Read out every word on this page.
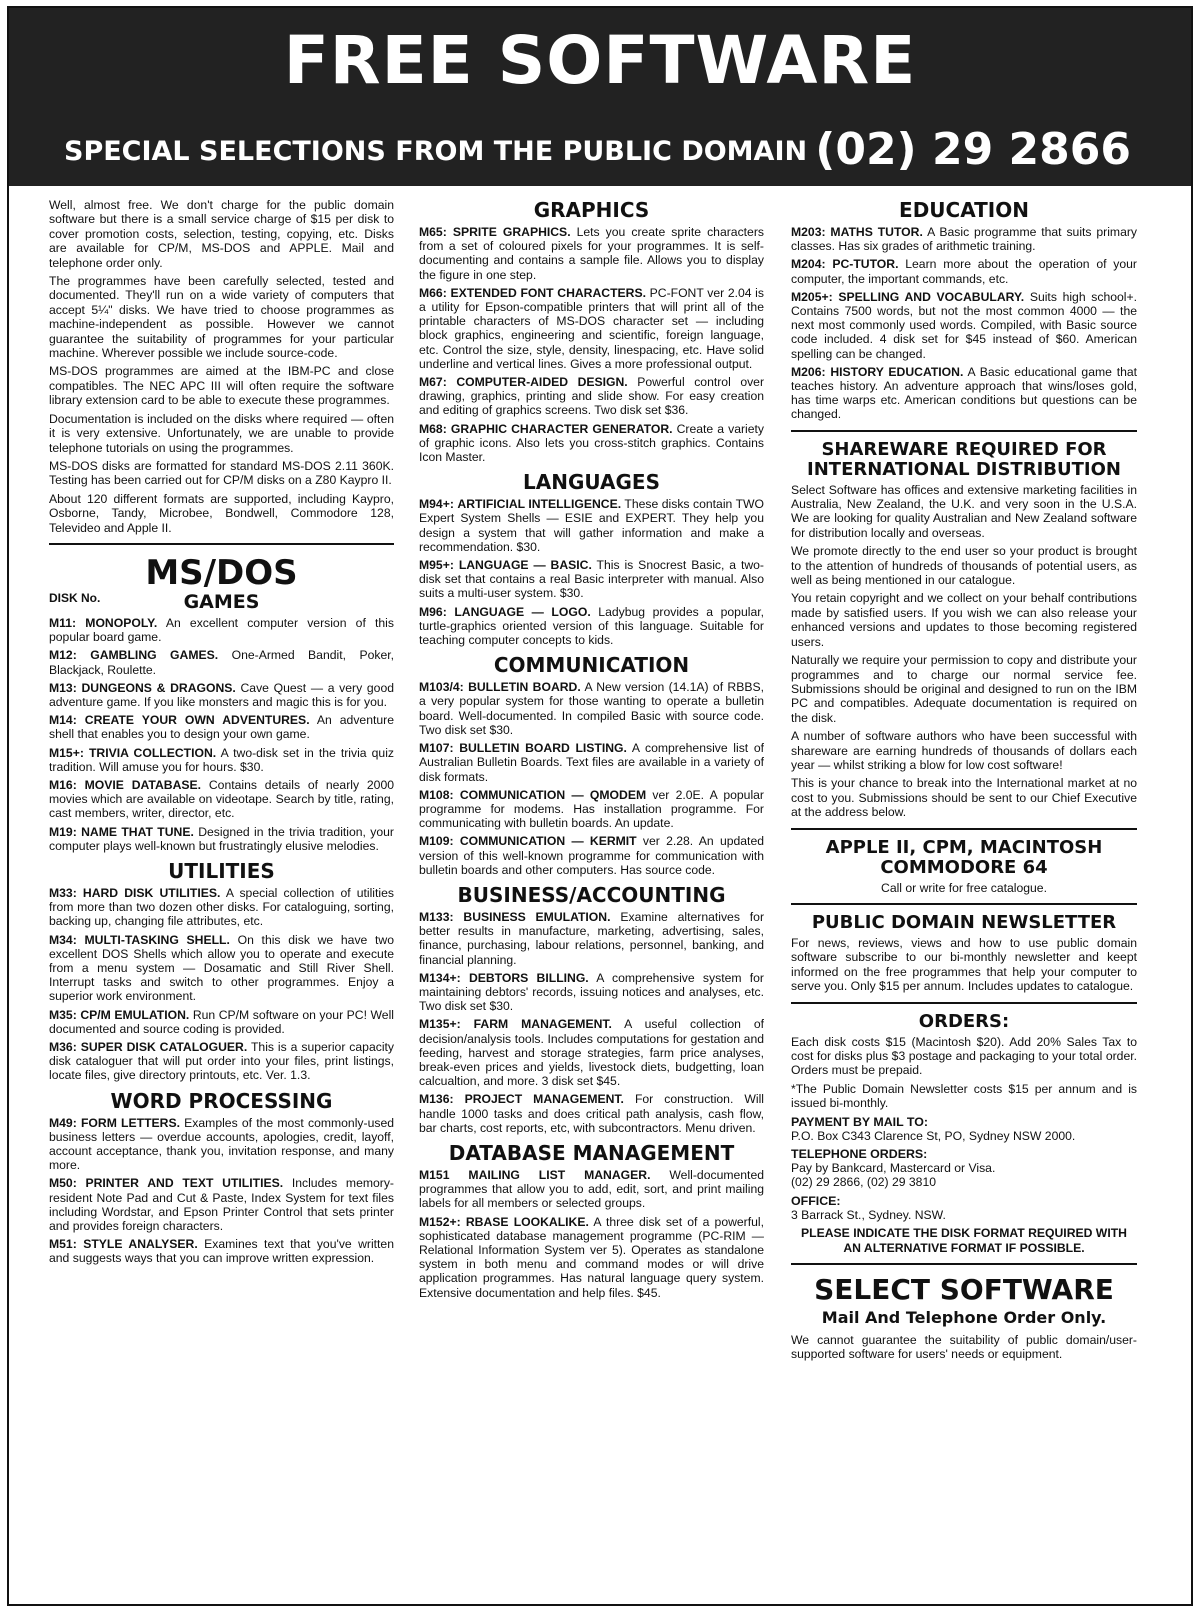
FREE SOFTWARE
SPECIAL SELECTIONS FROM THE PUBLIC DOMAIN (02) 29 2866

Well, almost free. We don't charge for the public domain software but there is a small service charge of $15 per disk to cover promotion costs, selection, testing, copying, etc. Disks are available for CP/M, MS-DOS and APPLE. Mail and telephone order only.

The programmes have been carefully selected, tested and documented. They'll run on a wide variety of computers that accept 5¼" disks. We have tried to choose programmes as machine-independent as possible. However we cannot guarantee the suitability of programmes for your particular machine. Wherever possible we include source-code.

MS-DOS programmes are aimed at the IBM-PC and close compatibles. The NEC APC III will often require the software library extension card to be able to execute these programmes.

Documentation is included on the disks where required — often it is very extensive. Unfortunately, we are unable to provide telephone tutorials on using the programmes.

MS-DOS disks are formatted for standard MS-DOS 2.11 360K. Testing has been carried out for CP/M disks on a Z80 Kaypro II.

About 120 different formats are supported, including Kaypro, Osborne, Tandy, Microbee, Bondwell, Commodore 128, Televideo and Apple II.

MS/DOS
DISK No.	GAMES

M11: MONOPOLY. An excellent computer version of this popular board game.

M12: GAMBLING GAMES. One-Armed Bandit, Poker, Blackjack, Roulette.

M13: DUNGEONS & DRAGONS. Cave Quest — a very good adventure game. If you like monsters and magic this is for you.

M14: CREATE YOUR OWN ADVENTURES. An adventure shell that enables you to design your own game.

M15+: TRIVIA COLLECTION. A two-disk set in the trivia quiz tradition. Will amuse you for hours. $30.

M16: MOVIE DATABASE. Contains details of nearly 2000 movies which are available on videotape. Search by title, rating, cast members, writer, director, etc.

M19: NAME THAT TUNE. Designed in the trivia tradition, your computer plays well-known but frustratingly elusive melodies.

UTILITIES

M33: HARD DISK UTILITIES. A special collection of utilities from more than two dozen other disks. For cataloguing, sorting, backing up, changing file attributes, etc.

M34: MULTI-TASKING SHELL. On this disk we have two excellent DOS Shells which allow you to operate and execute from a menu system — Dosamatic and Still River Shell. Interrupt tasks and switch to other programmes. Enjoy a superior work environment.

M35: CP/M EMULATION. Run CP/M software on your PC! Well documented and source coding is provided.

M36: SUPER DISK CATALOGUER. This is a superior capacity disk cataloguer that will put order into your files, print listings, locate files, give directory printouts, etc. Ver. 1.3.

WORD PROCESSING

M49: FORM LETTERS. Examples of the most commonly-used business letters — overdue accounts, apologies, credit, layoff, account acceptance, thank you, invitation response, and many more.

M50: PRINTER AND TEXT UTILITIES. Includes memory-resident Note Pad and Cut & Paste, Index System for text files including Wordstar, and Epson Printer Control that sets printer and provides foreign characters.

M51: STYLE ANALYSER. Examines text that you've written and suggests ways that you can improve written expression.

GRAPHICS

M65: SPRITE GRAPHICS. Lets you create sprite characters from a set of coloured pixels for your programmes. It is self-documenting and contains a sample file. Allows you to display the figure in one step.

M66: EXTENDED FONT CHARACTERS. PC-FONT ver 2.04 is a utility for Epson-compatible printers that will print all of the printable characters of MS-DOS character set — including block graphics, engineering and scientific, foreign language, etc. Control the size, style, density, linespacing, etc. Have solid underline and vertical lines. Gives a more professional output.

M67: COMPUTER-AIDED DESIGN. Powerful control over drawing, graphics, printing and slide show. For easy creation and editing of graphics screens. Two disk set $36.

M68: GRAPHIC CHARACTER GENERATOR. Create a variety of graphic icons. Also lets you cross-stitch graphics. Contains Icon Master.

LANGUAGES

M94+: ARTIFICIAL INTELLIGENCE. These disks contain TWO Expert System Shells — ESIE and EXPERT. They help you design a system that will gather information and make a recommendation. $30.

M95+: LANGUAGE — BASIC. This is Snocrest Basic, a two-disk set that contains a real Basic interpreter with manual. Also suits a multi-user system. $30.

M96: LANGUAGE — LOGO. Ladybug provides a popular, turtle-graphics oriented version of this language. Suitable for teaching computer concepts to kids.

COMMUNICATION

M103/4: BULLETIN BOARD. A New version (14.1A) of RBBS, a very popular system for those wanting to operate a bulletin board. Well-documented. In compiled Basic with source code. Two disk set $30.

M107: BULLETIN BOARD LISTING. A comprehensive list of Australian Bulletin Boards. Text files are available in a variety of disk formats.

M108: COMMUNICATION — QMODEM ver 2.0E. A popular programme for modems. Has installation programme. For communicating with bulletin boards. An update.

M109: COMMUNICATION — KERMIT ver 2.28. An updated version of this well-known programme for communication with bulletin boards and other computers. Has source code.

BUSINESS/ACCOUNTING

M133: BUSINESS EMULATION. Examine alternatives for better results in manufacture, marketing, advertising, sales, finance, purchasing, labour relations, personnel, banking, and financial planning.

M134+: DEBTORS BILLING. A comprehensive system for maintaining debtors' records, issuing notices and analyses, etc. Two disk set $30.

M135+: FARM MANAGEMENT. A useful collection of decision/analysis tools. Includes computations for gestation and feeding, harvest and storage strategies, farm price analyses, break-even prices and yields, livestock diets, budgetting, loan calcualtion, and more. 3 disk set $45.

M136: PROJECT MANAGEMENT. For construction. Will handle 1000 tasks and does critical path analysis, cash flow, bar charts, cost reports, etc, with subcontractors. Menu driven.

DATABASE MANAGEMENT

M151 MAILING LIST MANAGER. Well-documented programmes that allow you to add, edit, sort, and print mailing labels for all members or selected groups.

M152+: RBASE LOOKALIKE. A three disk set of a powerful, sophisticated database management programme (PC-RIM — Relational Information System ver 5). Operates as standalone system in both menu and command modes or will drive application programmes. Has natural language query system. Extensive documentation and help files. $45.

EDUCATION

M203: MATHS TUTOR. A Basic programme that suits primary classes. Has six grades of arithmetic training.

M204: PC-TUTOR. Learn more about the operation of your computer, the important commands, etc.

M205+: SPELLING AND VOCABULARY. Suits high school+. Contains 7500 words, but not the most common 4000 — the next most commonly used words. Compiled, with Basic source code included. 4 disk set for $45 instead of $60. American spelling can be changed.

M206: HISTORY EDUCATION. A Basic educational game that teaches history. An adventure approach that wins/loses gold, has time warps etc. American conditions but questions can be changed.

SHAREWARE REQUIRED FOR INTERNATIONAL DISTRIBUTION

Select Software has offices and extensive marketing facilities in Australia, New Zealand, the U.K. and very soon in the U.S.A. We are looking for quality Australian and New Zealand software for distribution locally and overseas.

We promote directly to the end user so your product is brought to the attention of hundreds of thousands of potential users, as well as being mentioned in our catalogue.

You retain copyright and we collect on your behalf contributions made by satisfied users. If you wish we can also release your enhanced versions and updates to those becoming registered users.

Naturally we require your permission to copy and distribute your programmes and to charge our normal service fee. Submissions should be original and designed to run on the IBM PC and compatibles. Adequate documentation is required on the disk.

A number of software authors who have been successful with shareware are earning hundreds of thousands of dollars each year — whilst striking a blow for low cost software!

This is your chance to break into the International market at no cost to you. Submissions should be sent to our Chief Executive at the address below.

APPLE II, CPM, MACINTOSH COMMODORE 64

Call or write for free catalogue.

PUBLIC DOMAIN NEWSLETTER

For news, reviews, views and how to use public domain software subscribe to our bi-monthly newsletter and keept informed on the free programmes that help your computer to serve you. Only $15 per annum. Includes updates to catalogue.

ORDERS:

Each disk costs $15 (Macintosh $20). Add 20% Sales Tax to cost for disks plus $3 postage and packaging to your total order. Orders must be prepaid.

*The Public Domain Newsletter costs $15 per annum and is issued bi-monthly.

PAYMENT BY MAIL TO:

P.O. Box C343 Clarence St, PO, Sydney NSW 2000.

TELEPHONE ORDERS:

Pay by Bankcard, Mastercard or Visa.

(02) 29 2866, (02) 29 3810

OFFICE:

3 Barrack St., Sydney. NSW.

PLEASE INDICATE THE DISK FORMAT REQUIRED WITH AN ALTERNATIVE FORMAT IF POSSIBLE.

SELECT SOFTWARE
Mail And Telephone Order Only.

We cannot guarantee the suitability of public domain/user-supported software for users' needs or equipment.
